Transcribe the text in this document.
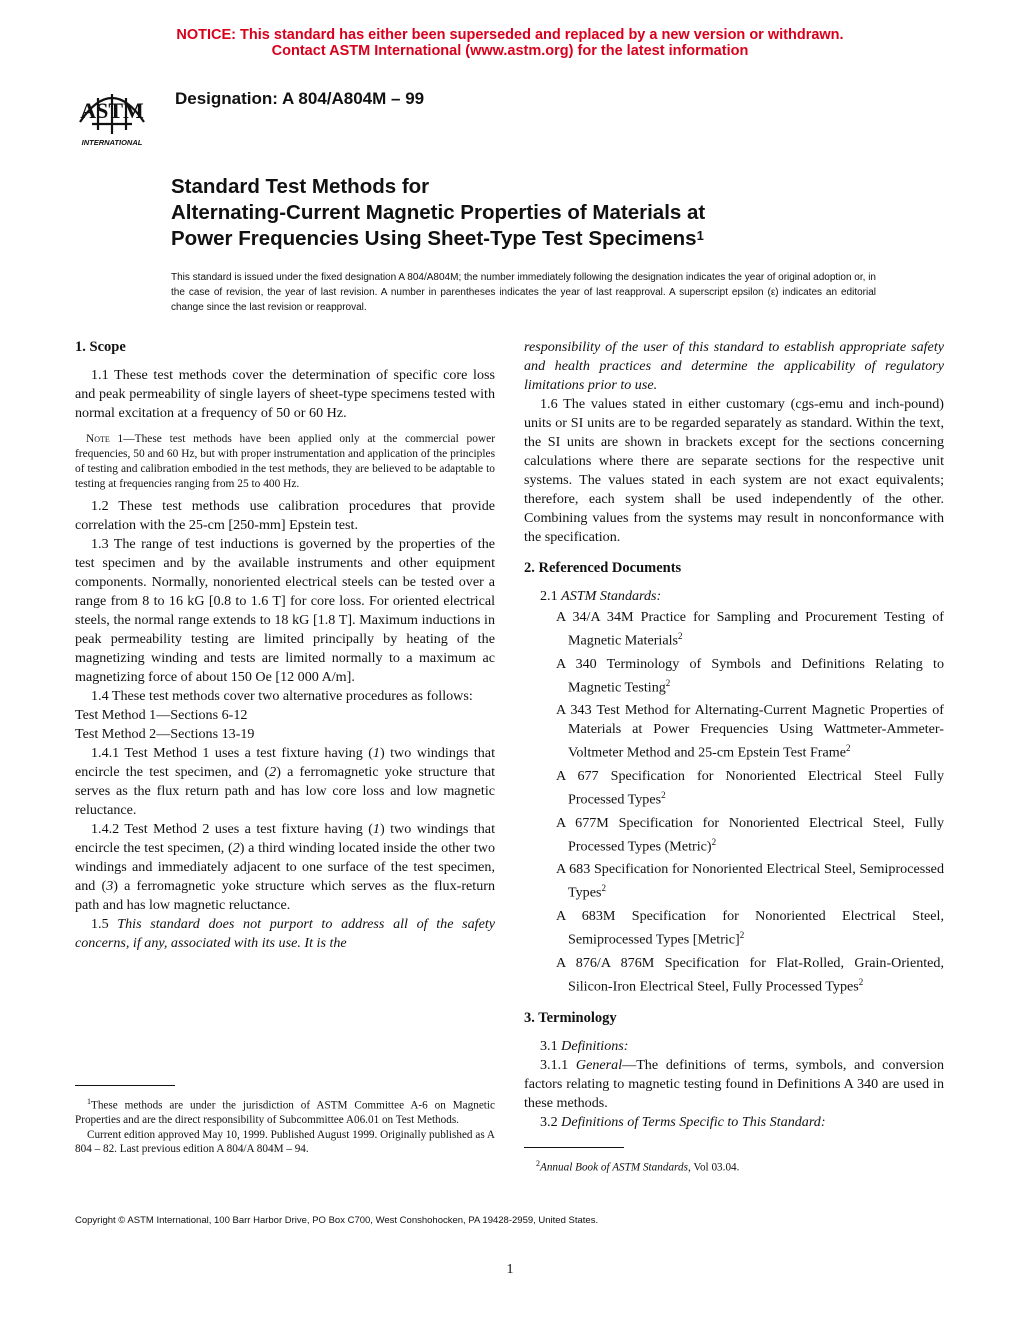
NOTICE: This standard has either been superseded and replaced by a new version or withdrawn.
Contact ASTM International (www.astm.org) for the latest information
ASTM
INTERNATIONAL
Designation: A 804/A804M – 99
Standard Test Methods for
Alternating-Current Magnetic Properties of Materials at
Power Frequencies Using Sheet-Type Test Specimens$^1$
This standard is issued under the fixed designation A 804/A804M; the number immediately following the designation indicates the year of original adoption or, in the case of revision, the year of last revision. A number in parentheses indicates the year of last reapproval. A superscript epsilon (ε) indicates an editorial change since the last revision or reapproval.

1. Scope

1.1 These test methods cover the determination of specific core loss and peak permeability of single layers of sheet-type specimens tested with normal excitation at a frequency of 50 or 60 Hz.

Note 1—These test methods have been applied only at the commercial power frequencies, 50 and 60 Hz, but with proper instrumentation and application of the principles of testing and calibration embodied in the test methods, they are believed to be adaptable to testing at frequencies ranging from 25 to 400 Hz.

1.2 These test methods use calibration procedures that provide correlation with the 25-cm [250-mm] Epstein test.

1.3 The range of test inductions is governed by the properties of the test specimen and by the available instruments and other equipment components. Normally, nonoriented electrical steels can be tested over a range from 8 to 16 kG [0.8 to 1.6 T] for core loss. For oriented electrical steels, the normal range extends to 18 kG [1.8 T]. Maximum inductions in peak permeability testing are limited principally by heating of the magnetizing winding and tests are limited normally to a maximum ac magnetizing force of about 150 Oe [12 000 A/m].

1.4 These test methods cover two alternative procedures as follows:

Test Method 1—Sections 6-12

Test Method 2—Sections 13-19

1.4.1 Test Method 1 uses a test fixture having (1) two windings that encircle the test specimen, and (2) a ferromagnetic yoke structure that serves as the flux return path and has low core loss and low magnetic reluctance.

1.4.2 Test Method 2 uses a test fixture having (1) two windings that encircle the test specimen, (2) a third winding located inside the other two windings and immediately adjacent to one surface of the test specimen, and (3) a ferromagnetic yoke structure which serves as the flux-return path and has low magnetic reluctance.

1.5 This standard does not purport to address all of the safety concerns, if any, associated with its use. It is the

$^1$These methods are under the jurisdiction of ASTM Committee A-6 on Magnetic Properties and are the direct responsibility of Subcommittee A06.01 on Test Methods.
Current edition approved May 10, 1999. Published August 1999. Originally published as A 804 – 82. Last previous edition A 804/A 804M – 94.

responsibility of the user of this standard to establish appropriate safety and health practices and determine the applicability of regulatory limitations prior to use.

1.6 The values stated in either customary (cgs-emu and inch-pound) units or SI units are to be regarded separately as standard. Within the text, the SI units are shown in brackets except for the sections concerning calculations where there are separate sections for the respective unit systems. The values stated in each system are not exact equivalents; therefore, each system shall be used independently of the other. Combining values from the systems may result in nonconformance with the specification.

2. Referenced Documents

2.1 ASTM Standards:

A 34/A 34M Practice for Sampling and Procurement Testing of Magnetic Materials$^2$

A 340 Terminology of Symbols and Definitions Relating to Magnetic Testing$^2$

A 343 Test Method for Alternating-Current Magnetic Properties of Materials at Power Frequencies Using Wattmeter-Ammeter-Voltmeter Method and 25-cm Epstein Test Frame$^2$

A 677 Specification for Nonoriented Electrical Steel Fully Processed Types$^2$

A 677M Specification for Nonoriented Electrical Steel, Fully Processed Types (Metric)$^2$

A 683 Specification for Nonoriented Electrical Steel, Semiprocessed Types$^2$

A 683M Specification for Nonoriented Electrical Steel, Semiprocessed Types [Metric]$^2$

A 876/A 876M Specification for Flat-Rolled, Grain-Oriented, Silicon-Iron Electrical Steel, Fully Processed Types$^2$

3. Terminology

3.1 Definitions:

3.1.1 General—The definitions of terms, symbols, and conversion factors relating to magnetic testing found in Definitions A 340 are used in these methods.

3.2 Definitions of Terms Specific to This Standard:

$^2$Annual Book of ASTM Standards, Vol 03.04.
Copyright © ASTM International, 100 Barr Harbor Drive, PO Box C700, West Conshohocken, PA 19428-2959, United States.
1
